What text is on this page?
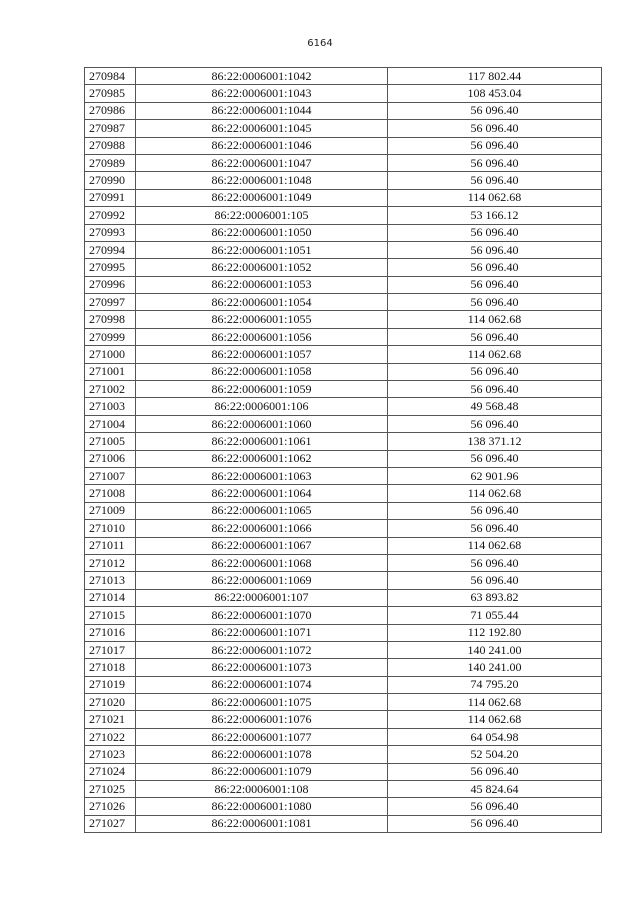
6164
270984	86:22:0006001:1042	117 802.44
270985	86:22:0006001:1043	108 453.04
270986	86:22:0006001:1044	56 096.40
270987	86:22:0006001:1045	56 096.40
270988	86:22:0006001:1046	56 096.40
270989	86:22:0006001:1047	56 096.40
270990	86:22:0006001:1048	56 096.40
270991	86:22:0006001:1049	114 062.68
270992	86:22:0006001:105	53 166.12
270993	86:22:0006001:1050	56 096.40
270994	86:22:0006001:1051	56 096.40
270995	86:22:0006001:1052	56 096.40
270996	86:22:0006001:1053	56 096.40
270997	86:22:0006001:1054	56 096.40
270998	86:22:0006001:1055	114 062.68
270999	86:22:0006001:1056	56 096.40
271000	86:22:0006001:1057	114 062.68
271001	86:22:0006001:1058	56 096.40
271002	86:22:0006001:1059	56 096.40
271003	86:22:0006001:106	49 568.48
271004	86:22:0006001:1060	56 096.40
271005	86:22:0006001:1061	138 371.12
271006	86:22:0006001:1062	56 096.40
271007	86:22:0006001:1063	62 901.96
271008	86:22:0006001:1064	114 062.68
271009	86:22:0006001:1065	56 096.40
271010	86:22:0006001:1066	56 096.40
271011	86:22:0006001:1067	114 062.68
271012	86:22:0006001:1068	56 096.40
271013	86:22:0006001:1069	56 096.40
271014	86:22:0006001:107	63 893.82
271015	86:22:0006001:1070	71 055.44
271016	86:22:0006001:1071	112 192.80
271017	86:22:0006001:1072	140 241.00
271018	86:22:0006001:1073	140 241.00
271019	86:22:0006001:1074	74 795.20
271020	86:22:0006001:1075	114 062.68
271021	86:22:0006001:1076	114 062.68
271022	86:22:0006001:1077	64 054.98
271023	86:22:0006001:1078	52 504.20
271024	86:22:0006001:1079	56 096.40
271025	86:22:0006001:108	45 824.64
271026	86:22:0006001:1080	56 096.40
271027	86:22:0006001:1081	56 096.40
